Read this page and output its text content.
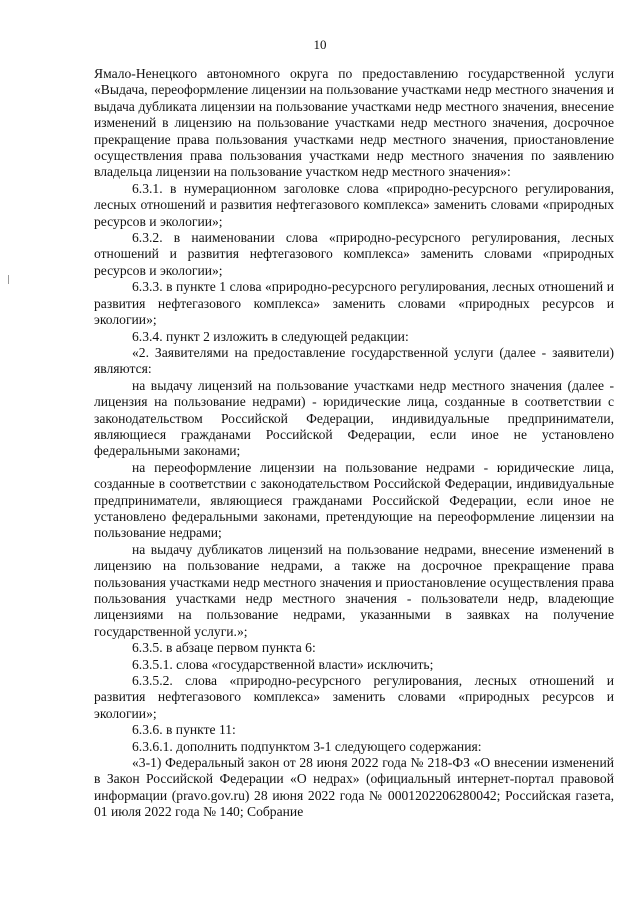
10

Ямало-Ненецкого автономного округа по предоставлению государственной услуги «Выдача, переоформление лицензии на пользование участками недр местного значения и выдача дубликата лицензии на пользование участками недр местного значения, внесение изменений в лицензию на пользование участками недр местного значения, досрочное прекращение права пользования участками недр местного значения, приостановление осуществления права пользования участками недр местного значения по заявлению владельца лицензии на пользование участком недр местного значения»:

6.3.1. в нумерационном заголовке слова «природно-ресурсного регулирования, лесных отношений и развития нефтегазового комплекса» заменить словами «природных ресурсов и экологии»;

6.3.2. в наименовании слова «природно-ресурсного регулирования, лесных отношений и развития нефтегазового комплекса» заменить словами «природных ресурсов и экологии»;

6.3.3. в пункте 1 слова «природно-ресурсного регулирования, лесных отношений и развития нефтегазового комплекса» заменить словами «природных ресурсов и экологии»;

6.3.4. пункт 2 изложить в следующей редакции:

«2. Заявителями на предоставление государственной услуги (далее - заявители) являются:

на выдачу лицензий на пользование участками недр местного значения (далее - лицензия на пользование недрами) - юридические лица, созданные в соответствии с законодательством Российской Федерации, индивидуальные предприниматели, являющиеся гражданами Российской Федерации, если иное не установлено федеральными законами;

на переоформление лицензии на пользование недрами - юридические лица, созданные в соответствии с законодательством Российской Федерации, индивидуальные предприниматели, являющиеся гражданами Российской Федерации, если иное не установлено федеральными законами, претендующие на переоформление лицензии на пользование недрами;

на выдачу дубликатов лицензий на пользование недрами, внесение изменений в лицензию на пользование недрами, а также на досрочное прекращение права пользования участками недр местного значения и приостановление осуществления права пользования участками недр местного значения - пользователи недр, владеющие лицензиями на пользование недрами, указанными в заявках на получение государственной услуги.»;

6.3.5. в абзаце первом пункта 6:

6.3.5.1. слова «государственной власти» исключить;

6.3.5.2. слова «природно-ресурсного регулирования, лесных отношений и развития нефтегазового комплекса» заменить словами «природных ресурсов и экологии»;

6.3.6. в пункте 11:

6.3.6.1. дополнить подпунктом 3-1 следующего содержания:

«3-1) Федеральный закон от 28 июня 2022 года № 218-ФЗ «О внесении изменений в Закон Российской Федерации «О недрах» (официальный интернет-портал правовой информации (pravo.gov.ru) 28 июня 2022 года № 0001202206280042; Российская газета, 01 июля 2022 года № 140; Собрание
